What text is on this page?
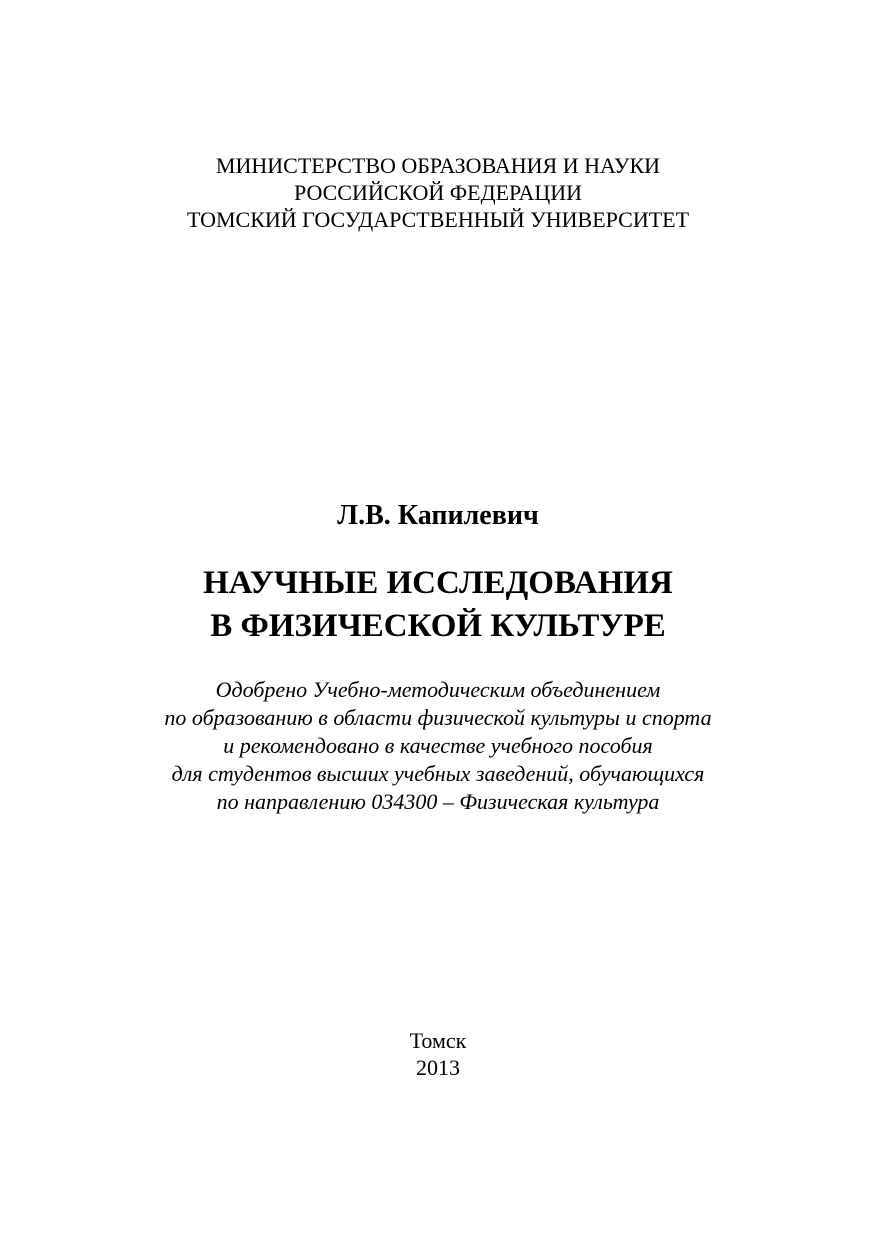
МИНИСТЕРСТВО ОБРАЗОВАНИЯ И НАУКИ
РОССИЙСКОЙ ФЕДЕРАЦИИ
ТОМСКИЙ ГОСУДАРСТВЕННЫЙ УНИВЕРСИТЕТ
Л.В. Капилевич
НАУЧНЫЕ ИССЛЕДОВАНИЯ
В ФИЗИЧЕСКОЙ КУЛЬТУРЕ
Одобрено Учебно-методическим объединением
по образованию в области физической культуры и спорта
и рекомендовано в качестве учебного пособия
для студентов высших учебных заведений, обучающихся
по направлению 034300 – Физическая культура
Томск
2013
